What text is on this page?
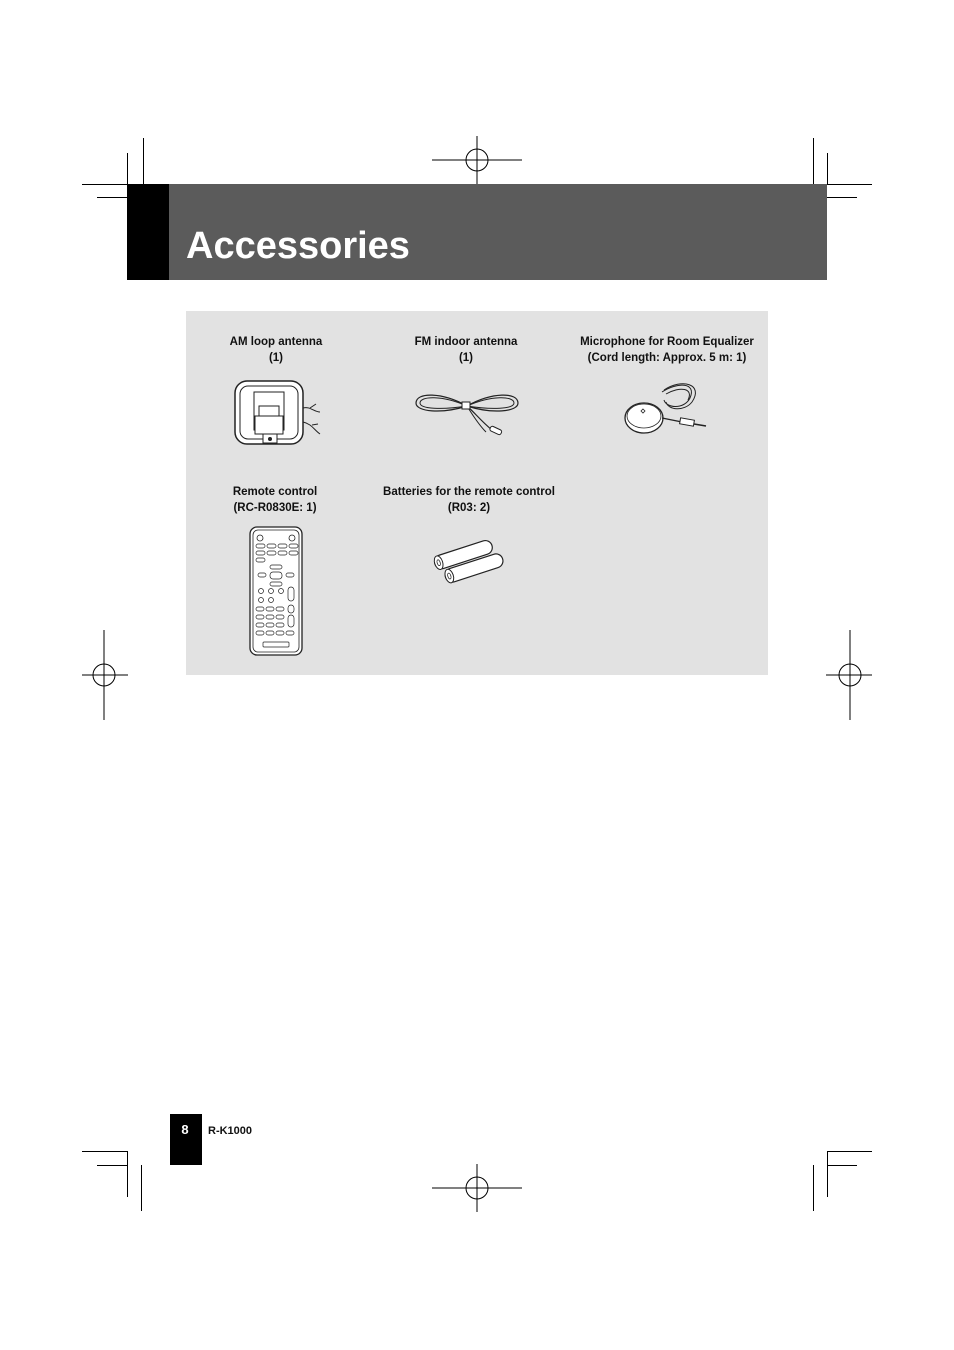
Accessories
AM loop antenna
(1)
FM indoor antenna
(1)
Microphone for Room Equalizer
(Cord length: Approx. 5 m: 1)
Remote control
(RC-R0830E: 1)
Batteries for the remote control
(R03: 2)
8	R-K1000
